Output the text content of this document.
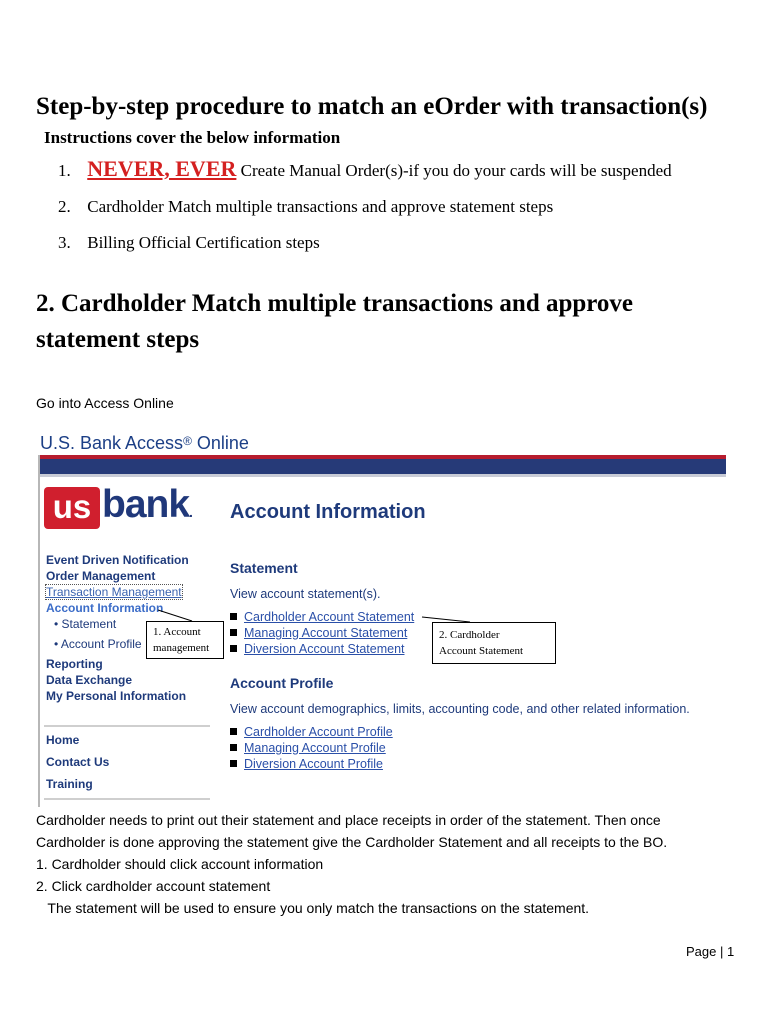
Step-by-step procedure to match an eOrder with transaction(s)
Instructions cover the below information
1. NEVER, EVER Create Manual Order(s)-if you do your cards will be suspended
2. Cardholder Match multiple transactions and approve statement steps
3. Billing Official Certification steps
2. Cardholder Match multiple transactions and approve statement steps
Go into Access Online
U.S. Bank Access® Online
us bank. Account Information
Event Driven Notification
Order Management
Transaction Management
Account Information
• Statement
• Account Profile
Reporting
Data Exchange
My Personal Information
Home
Contact Us
Training
Statement
View account statement(s).
Cardholder Account Statement
Managing Account Statement
Diversion Account Statement
Account Profile
View account demographics, limits, accounting code, and other related information.
Cardholder Account Profile
Managing Account Profile
Diversion Account Profile
1. Account
management
2. Cardholder
Account Statement
Cardholder needs to print out their statement and place receipts in order of the statement. Then once
Cardholder is done approving the statement give the Cardholder Statement and all receipts to the BO.
1. Cardholder should click account information
2. Click cardholder account statement
The statement will be used to ensure you only match the transactions on the statement.
Page | 1
